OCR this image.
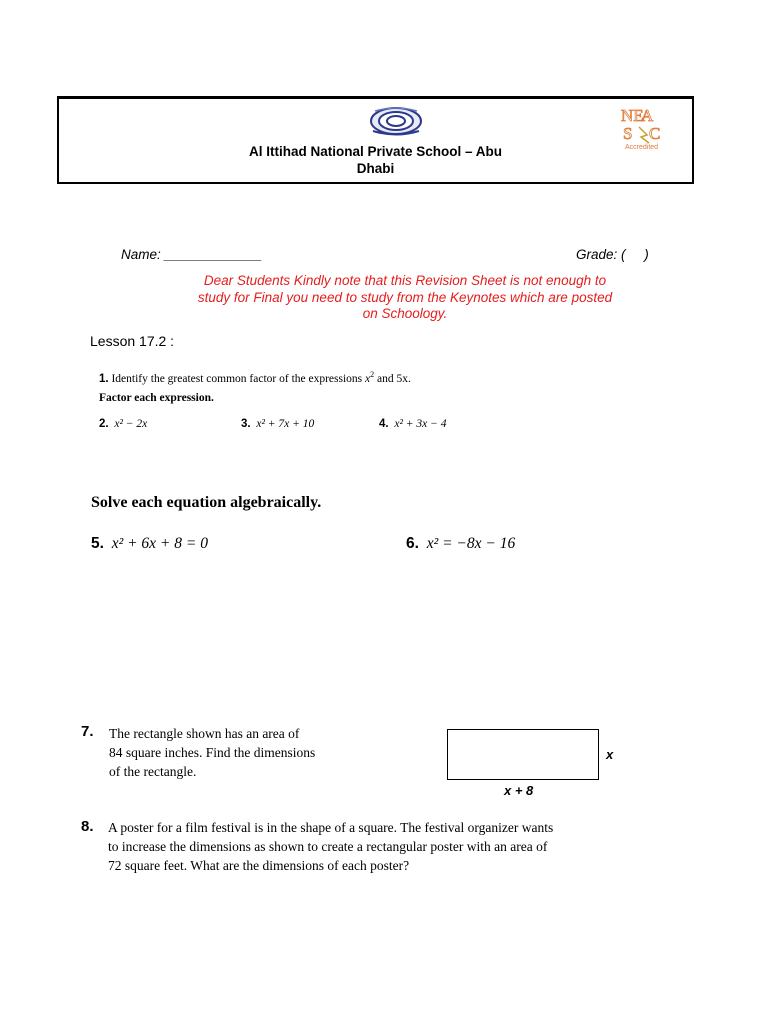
NE
A
S C
Accredited
Al Ittihad National Private School – Abu
Dhabi
Name: _____________	Grade: (     )
Dear Students Kindly note that this Revision Sheet is not enough to
study for Final you need to study from the Keynotes which are posted
on Schoology.
Lesson 17.2 :
1. Identify the greatest common factor of the expressions $x^2$ and 5x.
Factor each expression.
2. x² − 2x	3. x² + 7x + 10	4. x² + 3x − 4
Solve each equation algebraically.
5. x² + 6x + 8 = 0	6. x² = −8x − 16
7. The rectangle shown has an area of
84 square inches. Find the dimensions
of the rectangle.
x
x + 8
8. A poster for a film festival is in the shape of a square. The festival organizer wants
to increase the dimensions as shown to create a rectangular poster with an area of
72 square feet. What are the dimensions of each poster?
